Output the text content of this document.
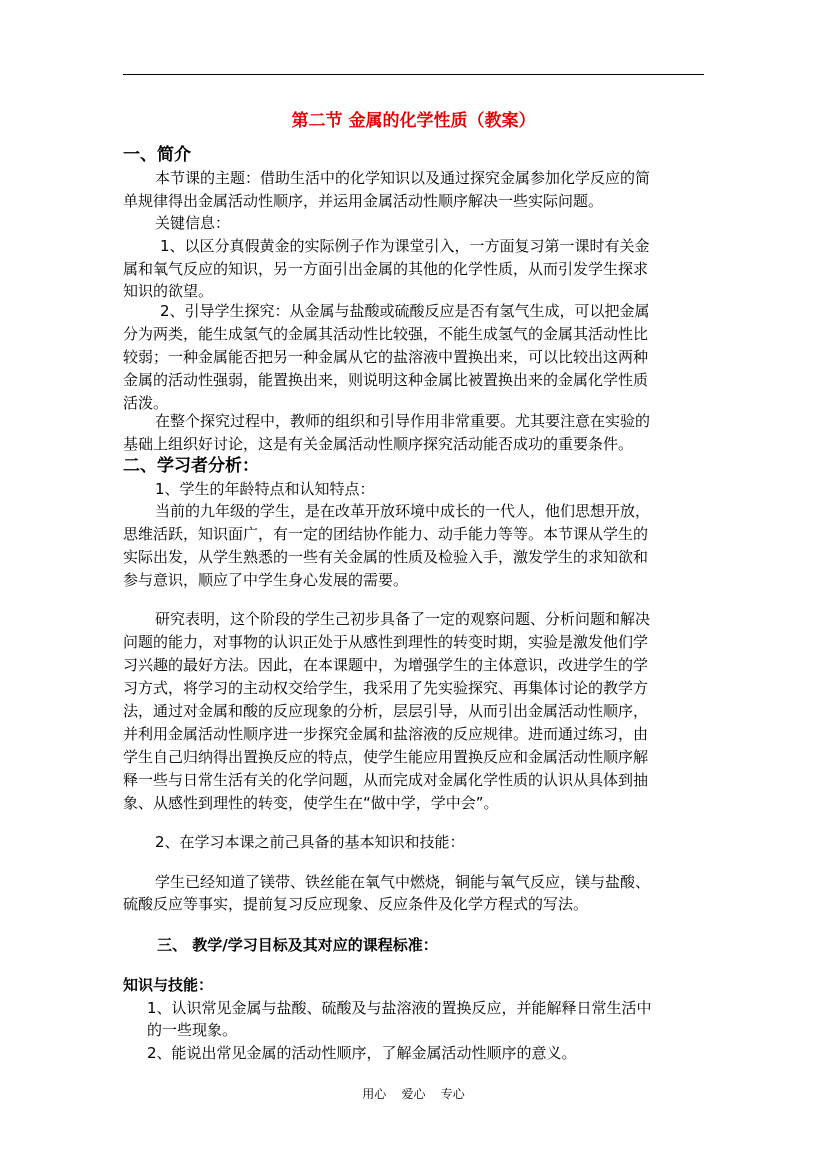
第二节 金属的化学性质（教案）
一、简介
本节课的主题：借助生活中的化学知识以及通过探究金属参加化学反应的简
单规律得出金属活动性顺序，并运用金属活动性顺序解决一些实际问题。
关键信息：
1、以区分真假黄金的实际例子作为课堂引入，一方面复习第一课时有关金
属和氧气反应的知识，另一方面引出金属的其他的化学性质，从而引发学生探求
知识的欲望。
2、引导学生探究：从金属与盐酸或硫酸反应是否有氢气生成，可以把金属
分为两类，能生成氢气的金属其活动性比较强，不能生成氢气的金属其活动性比
较弱；一种金属能否把另一种金属从它的盐溶液中置换出来，可以比较出这两种
金属的活动性强弱，能置换出来，则说明这种金属比被置换出来的金属化学性质
活泼。
在整个探究过程中，教师的组织和引导作用非常重要。尤其要注意在实验的
基础上组织好讨论，这是有关金属活动性顺序探究活动能否成功的重要条件。
二、学习者分析：
1、学生的年龄特点和认知特点：
当前的九年级的学生，是在改革开放环境中成长的一代人，他们思想开放，
思维活跃，知识面广，有一定的团结协作能力、动手能力等等。本节课从学生的
实际出发，从学生熟悉的一些有关金属的性质及检验入手，激发学生的求知欲和
参与意识，顺应了中学生身心发展的需要。
研究表明，这个阶段的学生己初步具备了一定的观察问题、分析问题和解决
问题的能力，对事物的认识正处于从感性到理性的转变时期，实验是激发他们学
习兴趣的最好方法。因此，在本课题中，为增强学生的主体意识，改进学生的学
习方式，将学习的主动权交给学生，我采用了先实验探究、再集体讨论的教学方
法，通过对金属和酸的反应现象的分析，层层引导，从而引出金属活动性顺序，
并利用金属活动性顺序进一步探究金属和盐溶液的反应规律。进而通过练习，由
学生自己归纳得出置换反应的特点，使学生能应用置换反应和金属活动性顺序解
释一些与日常生活有关的化学问题，从而完成对金属化学性质的认识从具体到抽
象、从感性到理性的转变，使学生在“做中学，学中会”。
2、在学习本课之前己具备的基本知识和技能：
学生已经知道了镁带、铁丝能在氧气中燃烧，铜能与氧气反应，镁与盐酸、
硫酸反应等事实，提前复习反应现象、反应条件及化学方程式的写法。
三、 教学/学习目标及其对应的课程标准：
知识与技能：
1、认识常见金属与盐酸、硫酸及与盐溶液的置换反应，并能解释日常生活中
的一些现象。
2、能说出常见金属的活动性顺序，了解金属活动性顺序的意义。
用心    爱心    专心
